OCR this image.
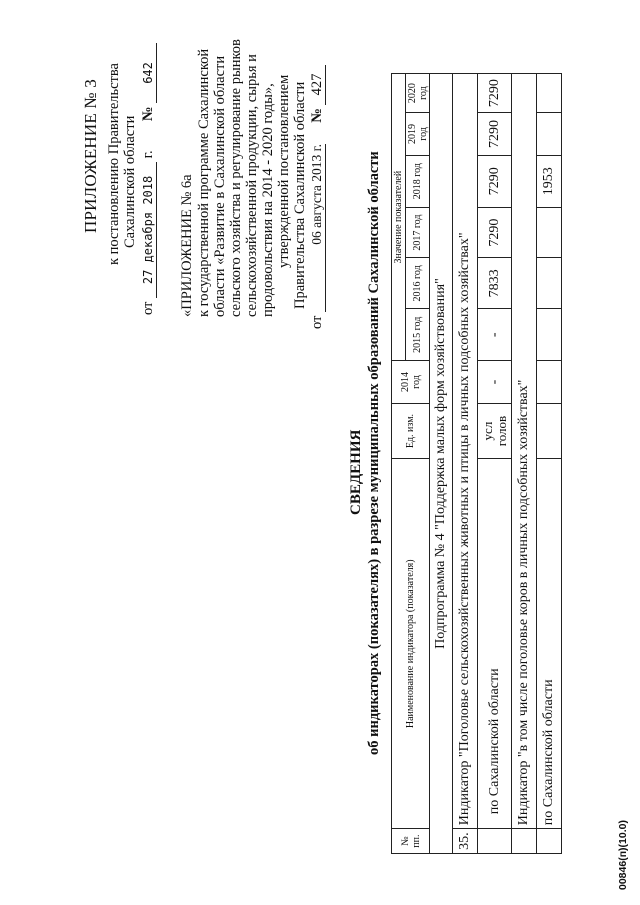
ПРИЛОЖЕНИЕ № 3 к постановлению Правительства Сахалинской области
от 27 декабря 2018 г.  № 642
«ПРИЛОЖЕНИЕ № 6а к государственной программе Сахалинской области «Развитие в Сахалинской области сельского хозяйства и регулирование рынков сельскохозяйственной продукции, сырья и продовольствия на 2014 - 2020 годы», утвержденной постановлением Правительства Сахалинской области
от 06 августа 2013 г.  № 427
СВЕДЕНИЯ об индикаторах (показателях) в разрезе муниципальных образований Сахалинской области
№ пп.	Наименование индикатора (показателя)	Ед. изм.	2014 год	Значение показателей					
				2015 год	2016 год	2017 год	2018 год	2019 год	2020 год
Подпрограмма № 4 "Поддержка малых форм хозяйствования"									
35.	Индикатор "Поголовье сельскохозяйственных животных и птицы в личных подсобных хозяйствах"								
	по Сахалинской области	усл голов	-	-	7833	7290	7290	7290	7290
	Индикатор "в том числе поголовье коров в личных подсобных хозяйствах"								
	по Сахалинской области						1953		
00846(п)(10.0)
